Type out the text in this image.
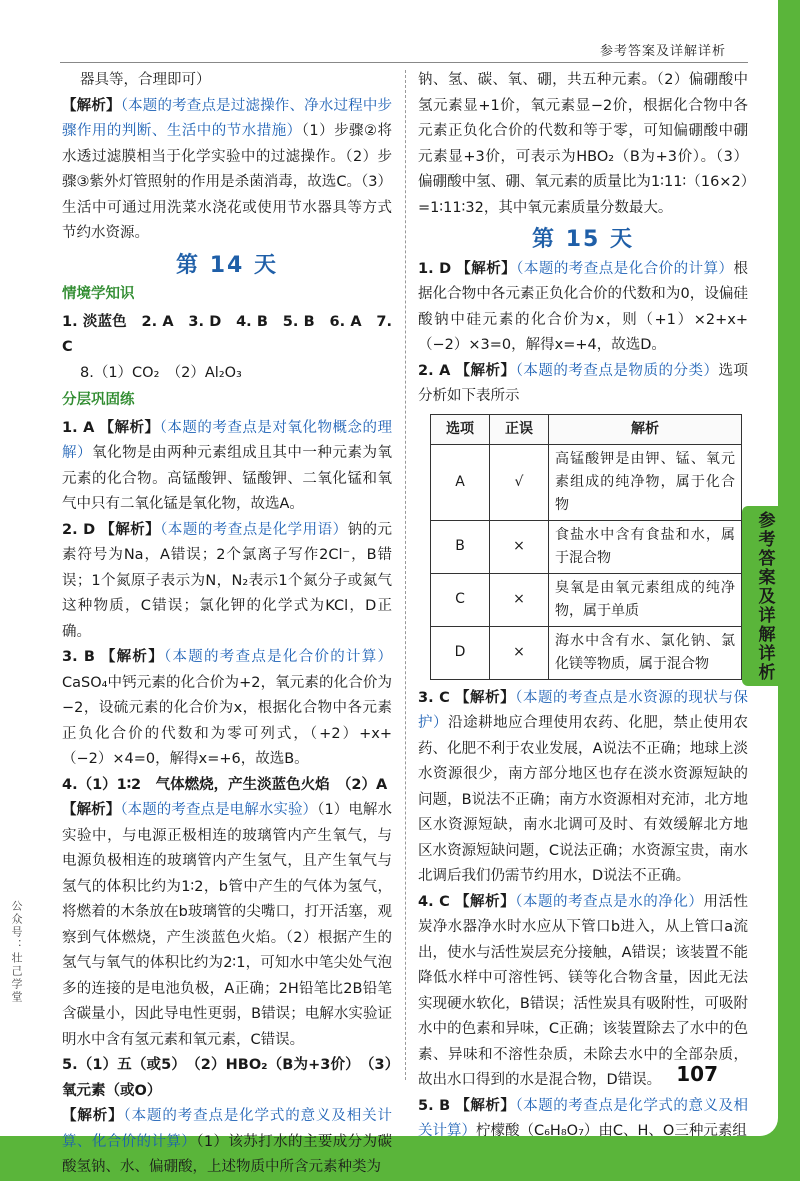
参考答案及详解详析

器具等，合理即可）

【解析】（本题的考查点是过滤操作、净水过程中步骤作用的判断、生活中的节水措施）（1）步骤②将水透过滤膜相当于化学实验中的过滤操作。（2）步骤③紫外灯管照射的作用是杀菌消毒，故选C。（3）生活中可通过用洗菜水浇花或使用节水器具等方式节约水资源。

第 14 天
情境学知识

1. 淡蓝色　2. A　3. D　4. B　5. B　6. A　7. C

8.（1）CO₂　（2）Al₂O₃

分层巩固练

1. A 【解析】（本题的考查点是对氧化物概念的理解）氧化物是由两种元素组成且其中一种元素为氧元素的化合物。高锰酸钾、锰酸钾、二氧化锰和氧气中只有二氧化锰是氧化物，故选A。

2. D 【解析】（本题的考查点是化学用语）钠的元素符号为Na，A错误；2个氯离子写作2Cl⁻，B错误；1个氮原子表示为N，N₂表示1个氮分子或氮气这种物质，C错误；氯化钾的化学式为KCl，D正确。

3. B 【解析】（本题的考查点是化合价的计算）CaSO₄中钙元素的化合价为+2，氧元素的化合价为−2，设硫元素的化合价为x，根据化合物中各元素正负化合价的代数和为零可列式，（+2）+x+（−2）×4=0，解得x=+6，故选B。

4.（1）1∶2　气体燃烧，产生淡蓝色火焰　（2）A

【解析】（本题的考查点是电解水实验）（1）电解水实验中，与电源正极相连的玻璃管内产生氧气，与电源负极相连的玻璃管内产生氢气，且产生氧气与氢气的体积比约为1∶2，b管中产生的气体为氢气，将燃着的木条放在b玻璃管的尖嘴口，打开活塞，观察到气体燃烧，产生淡蓝色火焰。（2）根据产生的氢气与氧气的体积比约为2∶1，可知水中笔尖处气泡多的连接的是电池负极，A正确；2H铅笔比2B铅笔含碳量小，因此导电性更弱，B错误；电解水实验证明水中含有氢元素和氧元素，C错误。

5.（1）五（或5）　（2）HBO₂（B为+3价）　（3）氧元素（或O）

【解析】（本题的考查点是化学式的意义及相关计算、化合价的计算）（1）该苏打水的主要成分为碳酸氢钠、水、偏硼酸，上述物质中所含元素种类为

钠、氢、碳、氧、硼，共五种元素。（2）偏硼酸中氢元素显+1价，氧元素显−2价，根据化合物中各元素正负化合价的代数和等于零，可知偏硼酸中硼元素显+3价，可表示为HBO₂（B为+3价）。（3）偏硼酸中氢、硼、氧元素的质量比为1∶11∶（16×2）=1∶11∶32，其中氧元素质量分数最大。

第 15 天

1. D 【解析】（本题的考查点是化合价的计算）根据化合物中各元素正负化合价的代数和为0，设偏硅酸钠中硅元素的化合价为x，则（+1）×2+x+（−2）×3=0，解得x=+4，故选D。

2. A 【解析】（本题的考查点是物质的分类）选项分析如下表所示

选项	正误	解析
A	√	高锰酸钾是由钾、锰、氧元素组成的纯净物，属于化合物
B	×	食盐水中含有食盐和水，属于混合物
C	×	臭氧是由氧元素组成的纯净物，属于单质
D	×	海水中含有水、氯化钠、氯化镁等物质，属于混合物

3. C 【解析】（本题的考查点是水资源的现状与保护）沿途耕地应合理使用农药、化肥，禁止使用农药、化肥不利于农业发展，A说法不正确；地球上淡水资源很少，南方部分地区也存在淡水资源短缺的问题，B说法不正确；南方水资源相对充沛，北方地区水资源短缺，南水北调可及时、有效缓解北方地区水资源短缺问题，C说法正确；水资源宝贵，南水北调后我们仍需节约用水，D说法不正确。

4. C 【解析】（本题的考查点是水的净化）用活性炭净水器净水时水应从下管口b进入，从上管口a流出，使水与活性炭层充分接触，A错误；该装置不能降低水样中可溶性钙、镁等化合物含量，因此无法实现硬水软化，B错误；活性炭具有吸附性，可吸附水中的色素和异味，C正确；该装置除去了水中的色素、异味和不溶性杂质，未除去水中的全部杂质，故出水口得到的水是混合物，D错误。

5. B 【解析】（本题的考查点是化学式的意义及相关计算）柠檬酸（C₆H₈O₇）由C、H、O三种元素组

107
公众号：壮己学堂
参考答案及详解详析
